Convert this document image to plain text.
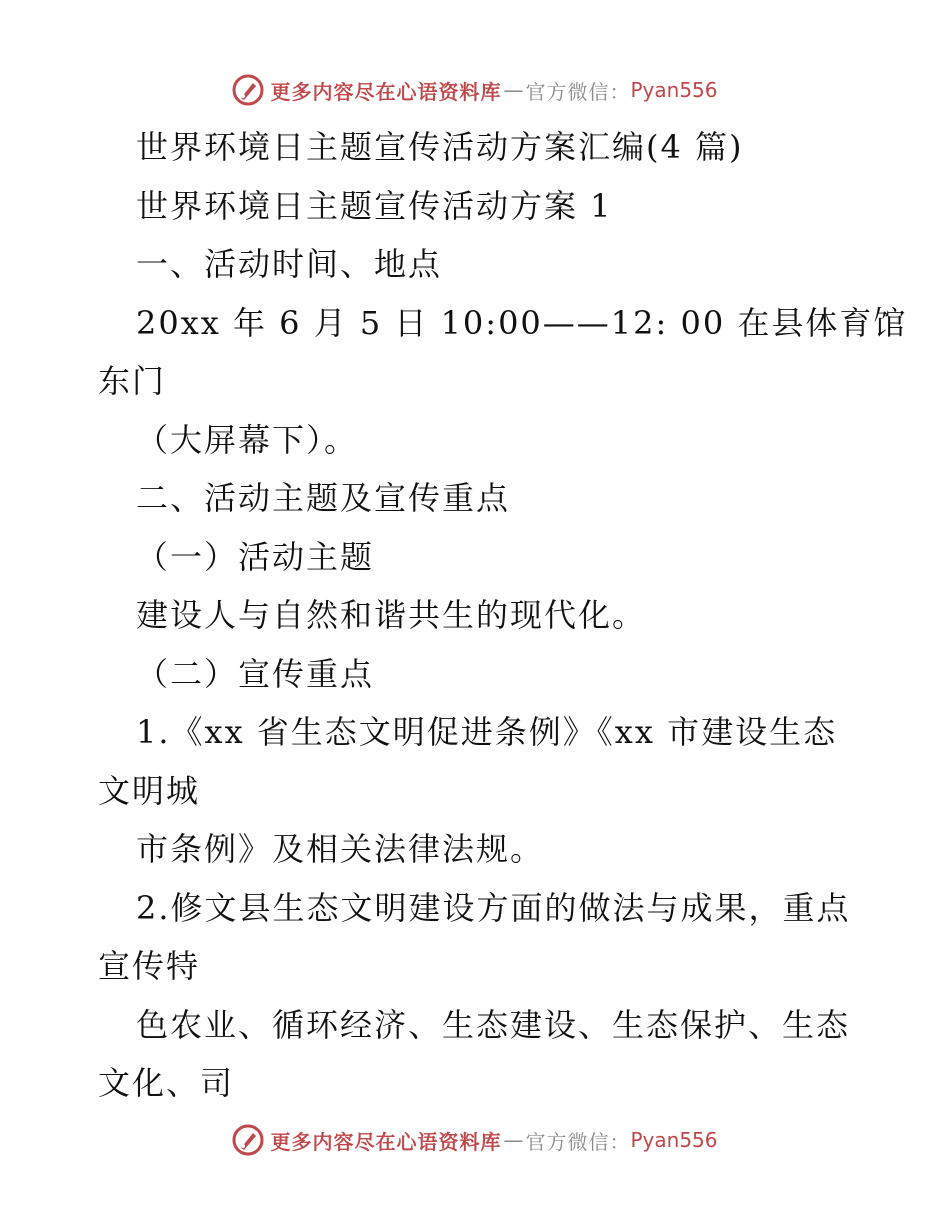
更多内容尽在心语资料库 — 官方微信： Pyan556
世界环境日主题宣传活动方案汇编(4 篇)
世界环境日主题宣传活动方案 1
一、活动时间、地点
20xx 年 6 月 5 日 10:00——12: 00 在县体育馆
东门
（大屏幕下）。
二、活动主题及宣传重点
（一）活动主题
建设人与自然和谐共生的现代化。
（二）宣传重点
1.《xx 省生态文明促进条例》《xx 市建设生态
文明城
市条例》及相关法律法规。
2.修文县生态文明建设方面的做法与成果，重点
宣传特
色农业、循环经济、生态建设、生态保护、生态
文化、司
更多内容尽在心语资料库 — 官方微信： Pyan556
